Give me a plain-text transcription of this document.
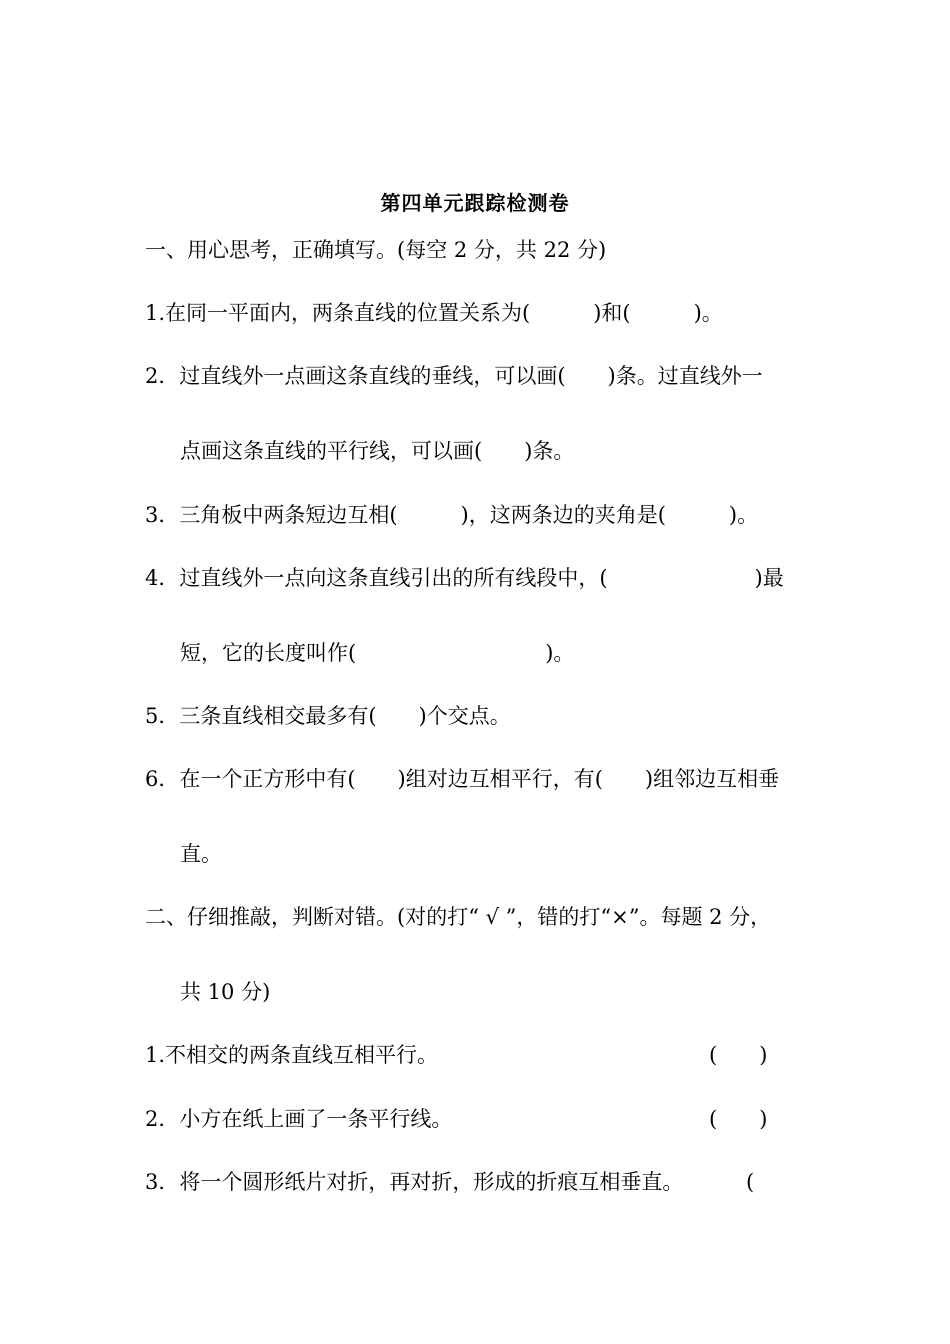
第四单元跟踪检测卷
一、用心思考，正确填写。(每空 2 分，共 22 分)
1.在同一平面内，两条直线的位置关系为(　　　)和(　　　)。
2．过直线外一点画这条直线的垂线，可以画(　　)条。过直线外一
点画这条直线的平行线，可以画(　　)条。
3．三角板中两条短边互相(　　　)，这两条边的夹角是(　　　)。
4．过直线外一点向这条直线引出的所有线段中，(　　　　　　　)最
短，它的长度叫作(　　　　　　　　　)。
5．三条直线相交最多有(　　)个交点。
6．在一个正方形中有(　　)组对边互相平行，有(　　)组邻边互相垂
直。
二、仔细推敲，判断对错。(对的打“ √ ”，错的打“×”。每题 2 分，
共 10 分)
1.不相交的两条直线互相平行。	(　　)
2．小方在纸上画了一条平行线。	(　　)
3．将一个圆形纸片对折，再对折，形成的折痕互相垂直。	(
